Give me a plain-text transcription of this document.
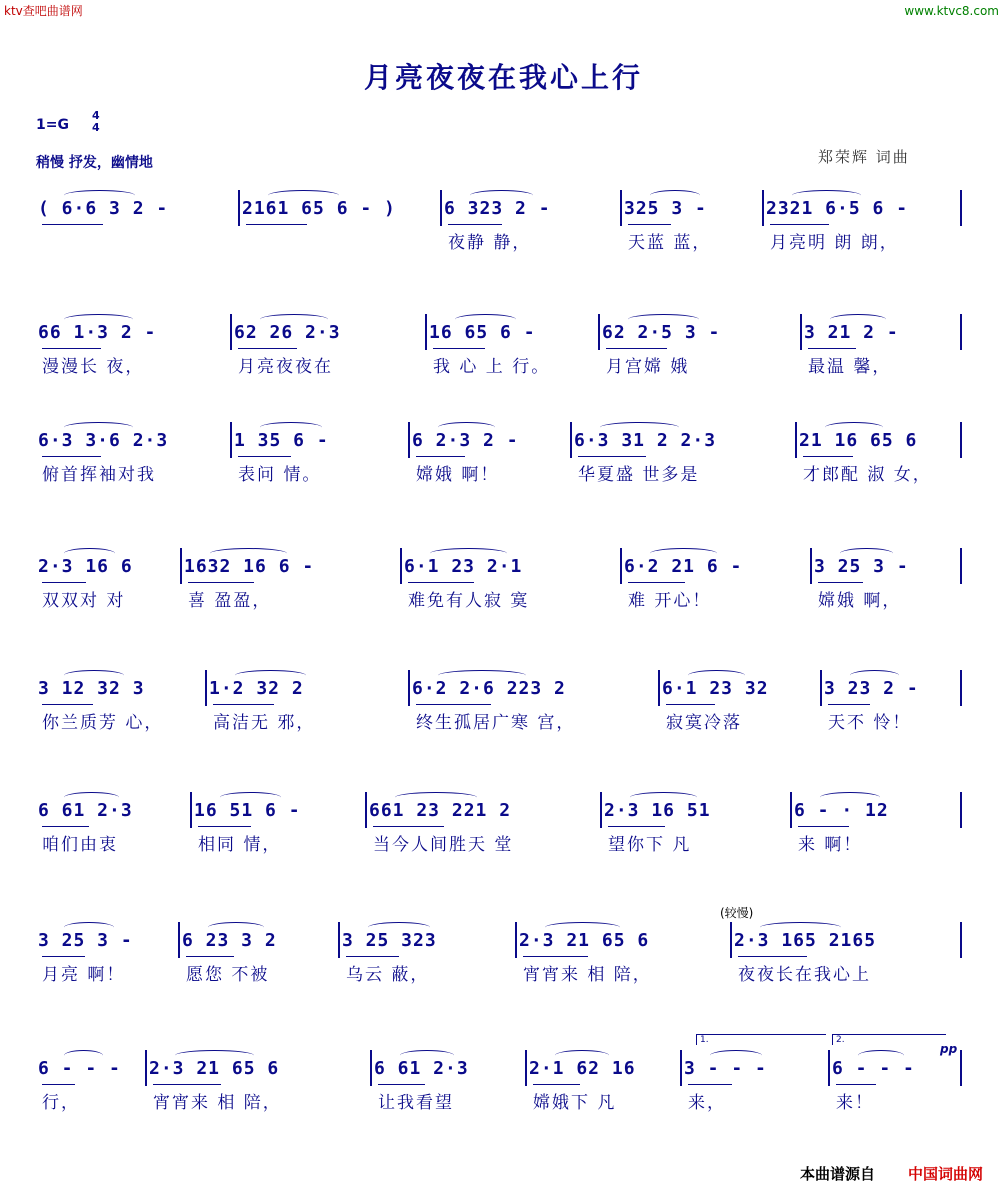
ktv查吧曲谱网	www.ktvc8.com
月亮夜夜在我心上行
1=G
4
4
稍慢 抒发，幽情地	郑荣辉 词曲
( 6·6 3 2 -	2161 65 6 - )	6 323 2 -	325 3 -	2321 6·5 6 -
夜静 静，	天蓝 蓝，	月亮明 朗 朗，
66 1·3 2 -	62 26 2·3	16 65 6 -	62 2·5 3 -	3 21 2 -
漫漫长 夜，	月亮夜夜在	我 心 上 行。	月宫嫦 娥	最温 馨，
6·3 3·6 2·3	1 35 6 -	6 2·3 2 -	6·3 31 2 2·3	21 16 65 6
俯首挥袖对我	表问 情。	嫦娥 啊！	华夏盛 世多是	才郎配 淑 女，
2·3 16 6	1632 16 6 -	6·1 23 2·1	6·2 21 6 -	3 25 3 -
双双对 对	喜 盈盈，	难免有人寂 寞	难 开心！	嫦娥 啊，
3 12 32 3	1·2 32 2	6·2 2·6 223 2	6·1 23 32	3 23 2 -
你兰质芳 心，	高洁无 邪，	终生孤居广寒 宫，	寂寞冷落	天不 怜！
6 61 2·3	16 51 6 -	661 23 221 2	2·3 16 51	6 - · 12
咱们由衷	相同 情，	当今人间胜天 堂	望你下 凡	来 啊！
3 25 3 -	6 23 3 2	3 25 323	2·3 21 65 6	2·3 165 2165
月亮 啊！	愿您 不被	乌云 蔽，	宵宵来 相 陪，	夜夜长在我心上
6 - - -	2·3 21 65 6	6 61 2·3	2·1 62 16	3 - - -	6 - - -
行，	宵宵来 相 陪，	让我看望	嫦娥下 凡	来，	来！
1.	2.
pp
(较慢)
本曲谱源自 中国词曲网
